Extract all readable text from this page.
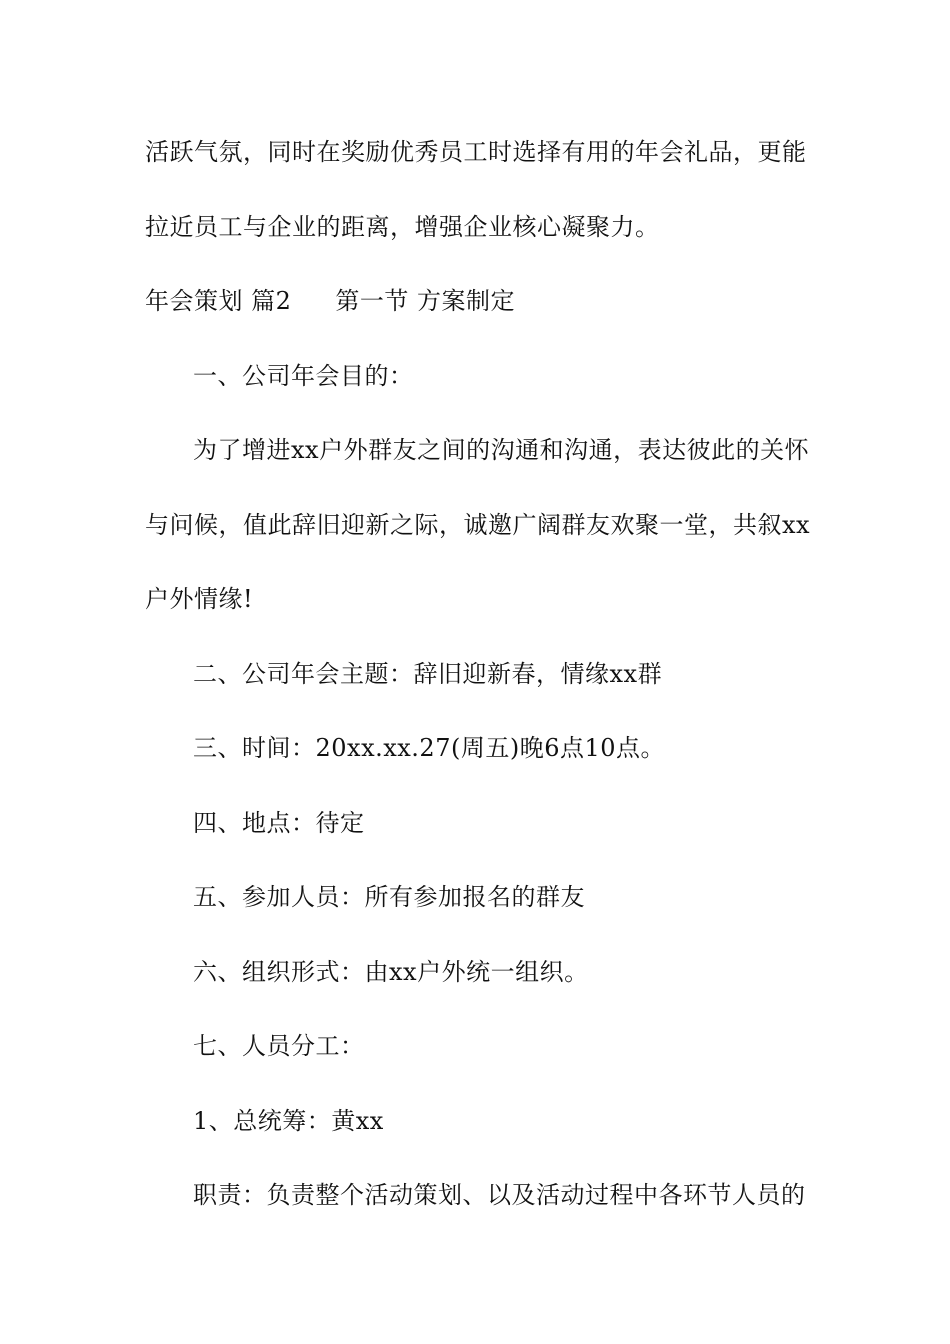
活跃气氛，同时在奖励优秀员工时选择有用的年会礼品，更能
拉近员工与企业的距离，增强企业核心凝聚力。
年会策划 篇2 第一节 方案制定
一、公司年会目的：
为了增进xx户外群友之间的沟通和沟通，表达彼此的关怀
与问候，值此辞旧迎新之际，诚邀广阔群友欢聚一堂，共叙xx
户外情缘!
二、公司年会主题：辞旧迎新春，情缘xx群
三、时间：20xx.xx.27(周五)晚6点10点。
四、地点：待定
五、参加人员：所有参加报名的群友
六、组织形式：由xx户外统一组织。
七、人员分工：
1、总统筹：黄xx
职责：负责整个活动策划、以及活动过程中各环节人员的
